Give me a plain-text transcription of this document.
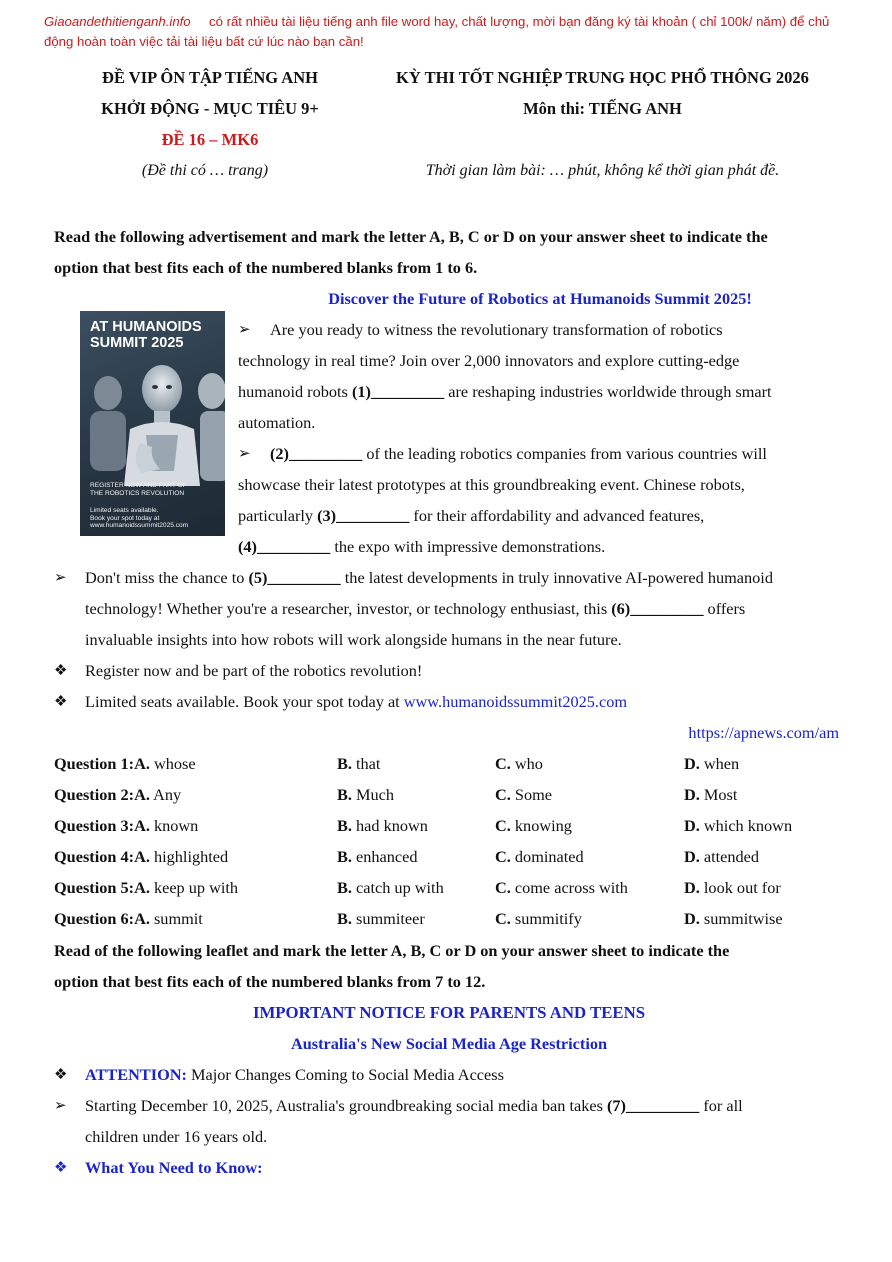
Giaoandethitienganh.info có rất nhiều tài liệu tiếng anh file word hay, chất lượng, mời bạn đăng ký tài khoản ( chỉ 100k/ năm) để chủ động hoàn toàn việc tải tài liệu bất cứ lúc nào bạn cần!
ĐỀ VIP ÔN TẬP TIẾNG ANH
KHỞI ĐỘNG - MỤC TIÊU 9+
ĐỀ 16 – MK6
(Đề thi có … trang)
KỲ THI TỐT NGHIỆP TRUNG HỌC PHỔ THÔNG 2026
Môn thi: TIẾNG ANH
Thời gian làm bài: … phút, không kể thời gian phát đề.
Read the following advertisement and mark the letter A, B, C or D on your answer sheet to indicate the
option that best fits each of the numbered blanks from 1 to 6.
Discover the Future of Robotics at Humanoids Summit 2025!
AT HUMANOIDS
SUMMIT 2025
REGISTER NOW AND PART OF
THE ROBOTICS REVOLUTION
Limited seats available.
Book your spot today at
www.humanoidssummit2025.com
➢ Are you ready to witness the revolutionary transformation of robotics
technology in real time? Join over 2,000 innovators and explore cutting-edge
humanoid robots (1)_________ are reshaping industries worldwide through smart
automation.
➢ (2)_________ of the leading robotics companies from various countries will
showcase their latest prototypes at this groundbreaking event. Chinese robots,
particularly (3)_________ for their affordability and advanced features,
(4)_________ the expo with impressive demonstrations.
➢ Don't miss the chance to (5)_________ the latest developments in truly innovative AI-powered humanoid
technology! Whether you're a researcher, investor, or technology enthusiast, this (6)_________ offers
invaluable insights into how robots will work alongside humans in the near future.
❖ Register now and be part of the robotics revolution!
❖ Limited seats available. Book your spot today at www.humanoidssummit2025.com
https://apnews.com/am
Question 1:A. whose	B. that	C. who	D. when
Question 2:A. Any	B. Much	C. Some	D. Most
Question 3:A. known	B. had known	C. knowing	D. which known
Question 4:A. highlighted	B. enhanced	C. dominated	D. attended
Question 5:A. keep up with	B. catch up with	C. come across with	D. look out for
Question 6:A. summit	B. summiteer	C. summitify	D. summitwise
Read of the following leaflet and mark the letter A, B, C or D on your answer sheet to indicate the
option that best fits each of the numbered blanks from 7 to 12.
IMPORTANT NOTICE FOR PARENTS AND TEENS
Australia's New Social Media Age Restriction
❖ ATTENTION: Major Changes Coming to Social Media Access
➢ Starting December 10, 2025, Australia's groundbreaking social media ban takes (7)_________ for all
children under 16 years old.
❖ What You Need to Know:
